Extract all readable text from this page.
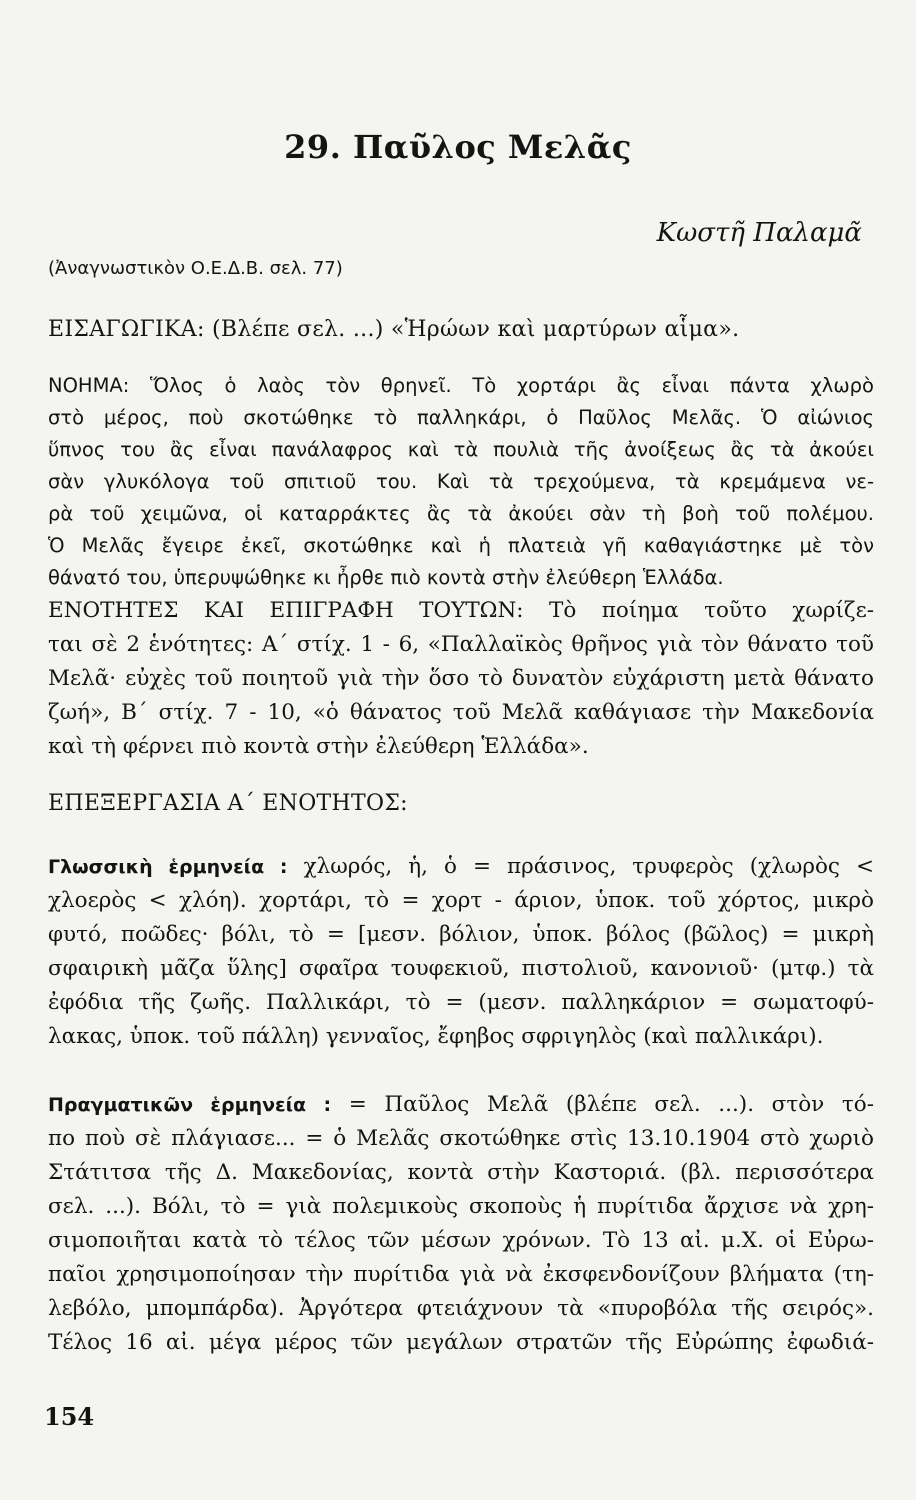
29. Παῦλος Μελᾶς
Κωστῆ Παλαμᾶ
(Ἀναγνωστικὸν Ο.Ε.Δ.Β. σελ. 77)
ΕΙΣΑΓΩΓΙΚΑ: (Βλέπε σελ. ...) «Ἡρώων καὶ μαρτύρων αἷμα».
ΝΟΗΜΑ: Ὅλος ὁ λαὸς τὸν θρηνεῖ. Τὸ χορτάρι ἂς εἶναι πάντα χλωρὸ
στὸ μέρος, ποὺ σκοτώθηκε τὸ παλληκάρι, ὁ Παῦλος Μελᾶς. Ὁ αἰώνιος
ὕπνος του ἂς εἶναι πανάλαφρος καὶ τὰ πουλιὰ τῆς ἀνοίξεως ἂς τὰ ἀκούει
σὰν γλυκόλογα τοῦ σπιτιοῦ του. Καὶ τὰ τρεχούμενα, τὰ κρεμάμενα νε-
ρὰ τοῦ χειμῶνα, οἱ καταρράκτες ἂς τὰ ἀκούει σὰν τὴ βοὴ τοῦ πολέμου.
Ὁ Μελᾶς ἔγειρε ἐκεῖ, σκοτώθηκε καὶ ἡ πλατειὰ γῆ καθαγιάστηκε μὲ τὸν
θάνατό του, ὑπερυψώθηκε κι ἦρθε πιὸ κοντὰ στὴν ἐλεύθερη Ἑλλάδα.
ΕΝΟΤΗΤΕΣ ΚΑΙ ΕΠΙΓΡΑΦΗ ΤΟΥΤΩΝ: Τὸ ποίημα τοῦτο χωρίζε-
ται σὲ 2 ἑνότητες: Α΄ στίχ. 1 - 6, «Παλλαϊκὸς θρῆνος γιὰ τὸν θάνατο τοῦ
Μελᾶ· εὐχὲς τοῦ ποιητοῦ γιὰ τὴν ὅσο τὸ δυνατὸν εὐχάριστη μετὰ θάνατο
ζωή», Β΄ στίχ. 7 - 10, «ὁ θάνατος τοῦ Μελᾶ καθάγιασε τὴν Μακεδονία
καὶ τὴ φέρνει πιὸ κοντὰ στὴν ἐλεύθερη Ἑλλάδα».
ΕΠΕΞΕΡΓΑΣΙΑ Α΄ ΕΝΟΤΗΤΟΣ:
Γλωσσικὴ ἑρμηνεία : χλωρός, ἡ, ὁ = πράσινος, τρυφερὸς (χλωρὸς <
χλοερὸς < χλόη). χορτάρι, τὸ = χορτ - άριον, ὑποκ. τοῦ χόρτος, μικρὸ
φυτό, ποῶδες· βόλι, τὸ = [μεσν. βόλιον, ὑποκ. βόλος (βῶλος) = μικρὴ
σφαιρικὴ μᾶζα ὕλης] σφαῖρα τουφεκιοῦ, πιστολιοῦ, κανονιοῦ· (μτφ.) τὰ
ἐφόδια τῆς ζωῆς. Παλλικάρι, τὸ = (μεσν. παλληκάριον = σωματοφύ-
λακας, ὑποκ. τοῦ πάλλη) γενναῖος, ἔφηβος σφριγηλὸς (καὶ παλλικάρι).
Πραγματικῶν ἑρμηνεία : = Παῦλος Μελᾶ (βλέπε σελ. ...). στὸν τό-
πο ποὺ σὲ πλάγιασε... = ὁ Μελᾶς σκοτώθηκε στὶς 13.10.1904 στὸ χωριὸ
Στάτιτσα τῆς Δ. Μακεδονίας, κοντὰ στὴν Καστοριά. (βλ. περισσότερα
σελ. ...). Βόλι, τὸ = γιὰ πολεμικοὺς σκοποὺς ἡ πυρίτιδα ἄρχισε νὰ χρη-
σιμοποιῆται κατὰ τὸ τέλος τῶν μέσων χρόνων. Τὸ 13 αἰ. μ.Χ. οἱ Εὐρω-
παῖοι χρησιμοποίησαν τὴν πυρίτιδα γιὰ νὰ ἐκσφενδονίζουν βλήματα (τη-
λεβόλο, μπομπάρδα). Ἀργότερα φτειάχνουν τὰ «πυροβόλα τῆς σειρός».
Τέλος 16 αἰ. μέγα μέρος τῶν μεγάλων στρατῶν τῆς Εὐρώπης ἐφωδιά-
154
